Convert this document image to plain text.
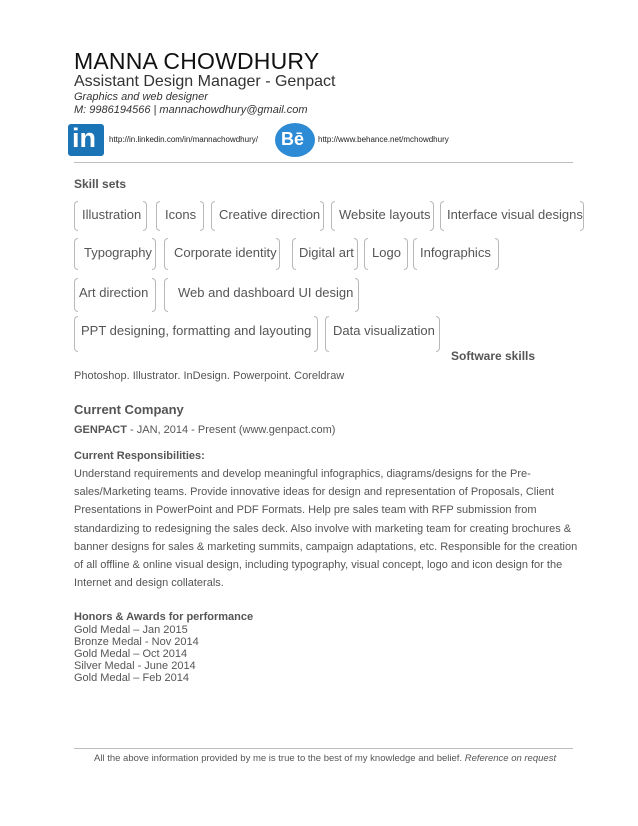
MANNA CHOWDHURY
Assistant Design Manager - Genpact
Graphics and web designer
M: 9986194566 | mannachowdhury@gmail.com
in http://in.linkedin.com/in/mannachowdhury/ Bē http://www.behance.net/mchowdhury
Skill sets
Illustration Icons Creative direction Website layouts Interface visual designs
Typography Corporate identity Digital art Logo Infographics
Art direction Web and dashboard UI design
PPT designing, formatting and layouting Data visualization
Software skills
Photoshop. Illustrator. InDesign. Powerpoint. Coreldraw
Current Company
GENPACT - JAN, 2014 - Present (www.genpact.com)
Current Responsibilities:
Understand requirements and develop meaningful infographics, diagrams/designs for the Pre-sales/Marketing teams. Provide innovative ideas for design and representation of Proposals, Client Presentations in PowerPoint and PDF Formats. Help pre sales team with RFP submission from standardizing to redesigning the sales deck. Also involve with marketing team for creating brochures & banner designs for sales & marketing summits, campaign adaptations, etc. Responsible for the creation of all offline & online visual design, including typography, visual concept, logo and icon design for the Internet and design collaterals.
Honors & Awards for performance
Gold Medal – Jan 2015
Bronze Medal - Nov 2014
Gold Medal – Oct 2014
Silver Medal - June 2014
Gold Medal – Feb 2014
All the above information provided by me is true to the best of my knowledge and belief. Reference on request
